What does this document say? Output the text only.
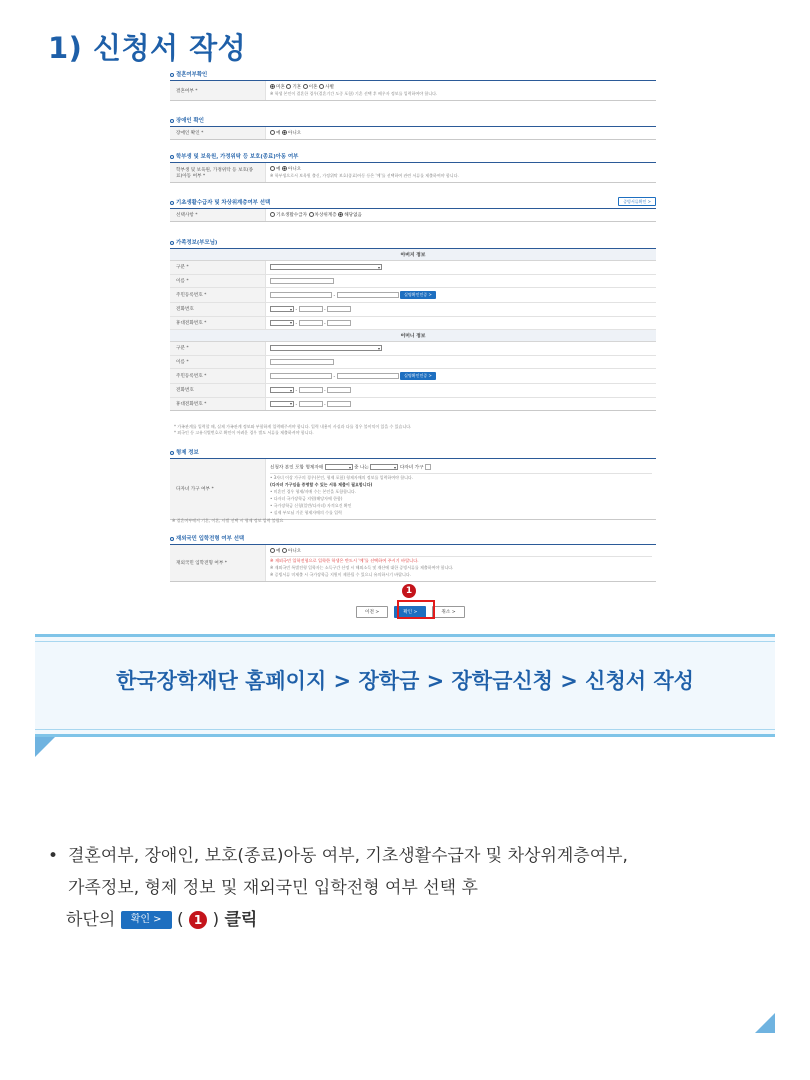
1) 신청서 작성
결혼여부확인
결혼여부 *
미혼 기혼 이혼 사별
※ 학생 본인이 결혼한 경우(결혼기간 도중 포함) 기혼 선택 후 배우자 정보를 입력하여야 합니다.
장애인 확인
장애인 확인 *	예 아니오
학부생 및 보육원, 가정위탁 등 보호(종료)아동 여부
학부생 및 보육원, 가정위탁 등 보호(종료)아동 여부 *
예 아니오
※ 학부생으로서 보육원 출신, 가정위탁 보호(종료)아동 등은 '예'를 선택하여 관련 서류를 제출하여야 합니다.
기초생활수급자 및 차상위계층여부 선택	증빙서류확인 >
선택사항 *	기초생활수급자 차상위계층 해당없음
가족정보(부모님)
아버지 정보
구분 *
이름 *
주민등록번호 *	-	실명확인인증 >
전화번호	-	-
휴대전화번호 *	-	-
어머니 정보
구분 *
이름 *
주민등록번호 *	-	실명확인인증 >
전화번호	-	-
휴대전화번호 *	-	-
* 가족관계를 입력할 때, 실제 가족관계 정보와 부합하게 입력해주셔야 합니다. 입력 내용이 사실과 다를 경우 불이익이 있을 수 있습니다.
* 외국인 등 고유식별번호로 확인이 어려운 경우 별도 서류를 제출하셔야 합니다.
형제 정보
다자녀 가구 여부 *
신청자 본인 포함 형제자매	중 나는	다자녀 가구
• 3자녀 이상 가구의 경우(본인, 형제 포함) 형제자매의 정보를 입력하여야 합니다.
(다자녀 가구임을 증명할 수 있는 서류 제출이 필요합니다)
• 미혼인 경우 형제/자매 수는 본인을 포함합니다.
• 다자녀 국가장학금 지원(해당자에 한함)
• 국가장학금 신청(일반/다자녀) 자격요건 확인
• 실제 부모님 기준 형제자매의 수를 입력
※ 결혼여부에서 기혼, 이혼, 사별 선택 시 형제 정보 입력 불필요
재외국민 입학전형 여부 선택
재외국민 입학전형 여부 *
예 아니오
※ 재외국민 입학전형으로 입학한 학생은 반드시 '예'를 선택하여 주시기 바랍니다.
※ 재외국민 특별전형 입학자는 소득구간 산정 시 해외소득 및 재산에 대한 증빙서류를 제출하여야 합니다.
※ 증빙서류 미제출 시 국가장학금 지원이 제한될 수 있으니 유의하시기 바랍니다.
이전 >	확인 >	취소 >
1
한국장학재단 홈페이지 > 장학금 > 장학금신청 > 신청서 작성
• 결혼여부, 장애인, 보호(종료)아동 여부, 기초생활수급자 및 차상위계층여부,
가족정보, 형제 정보 및 재외국민 입학전형 여부 선택 후
하단의 확인 > ( 1 ) 클릭
